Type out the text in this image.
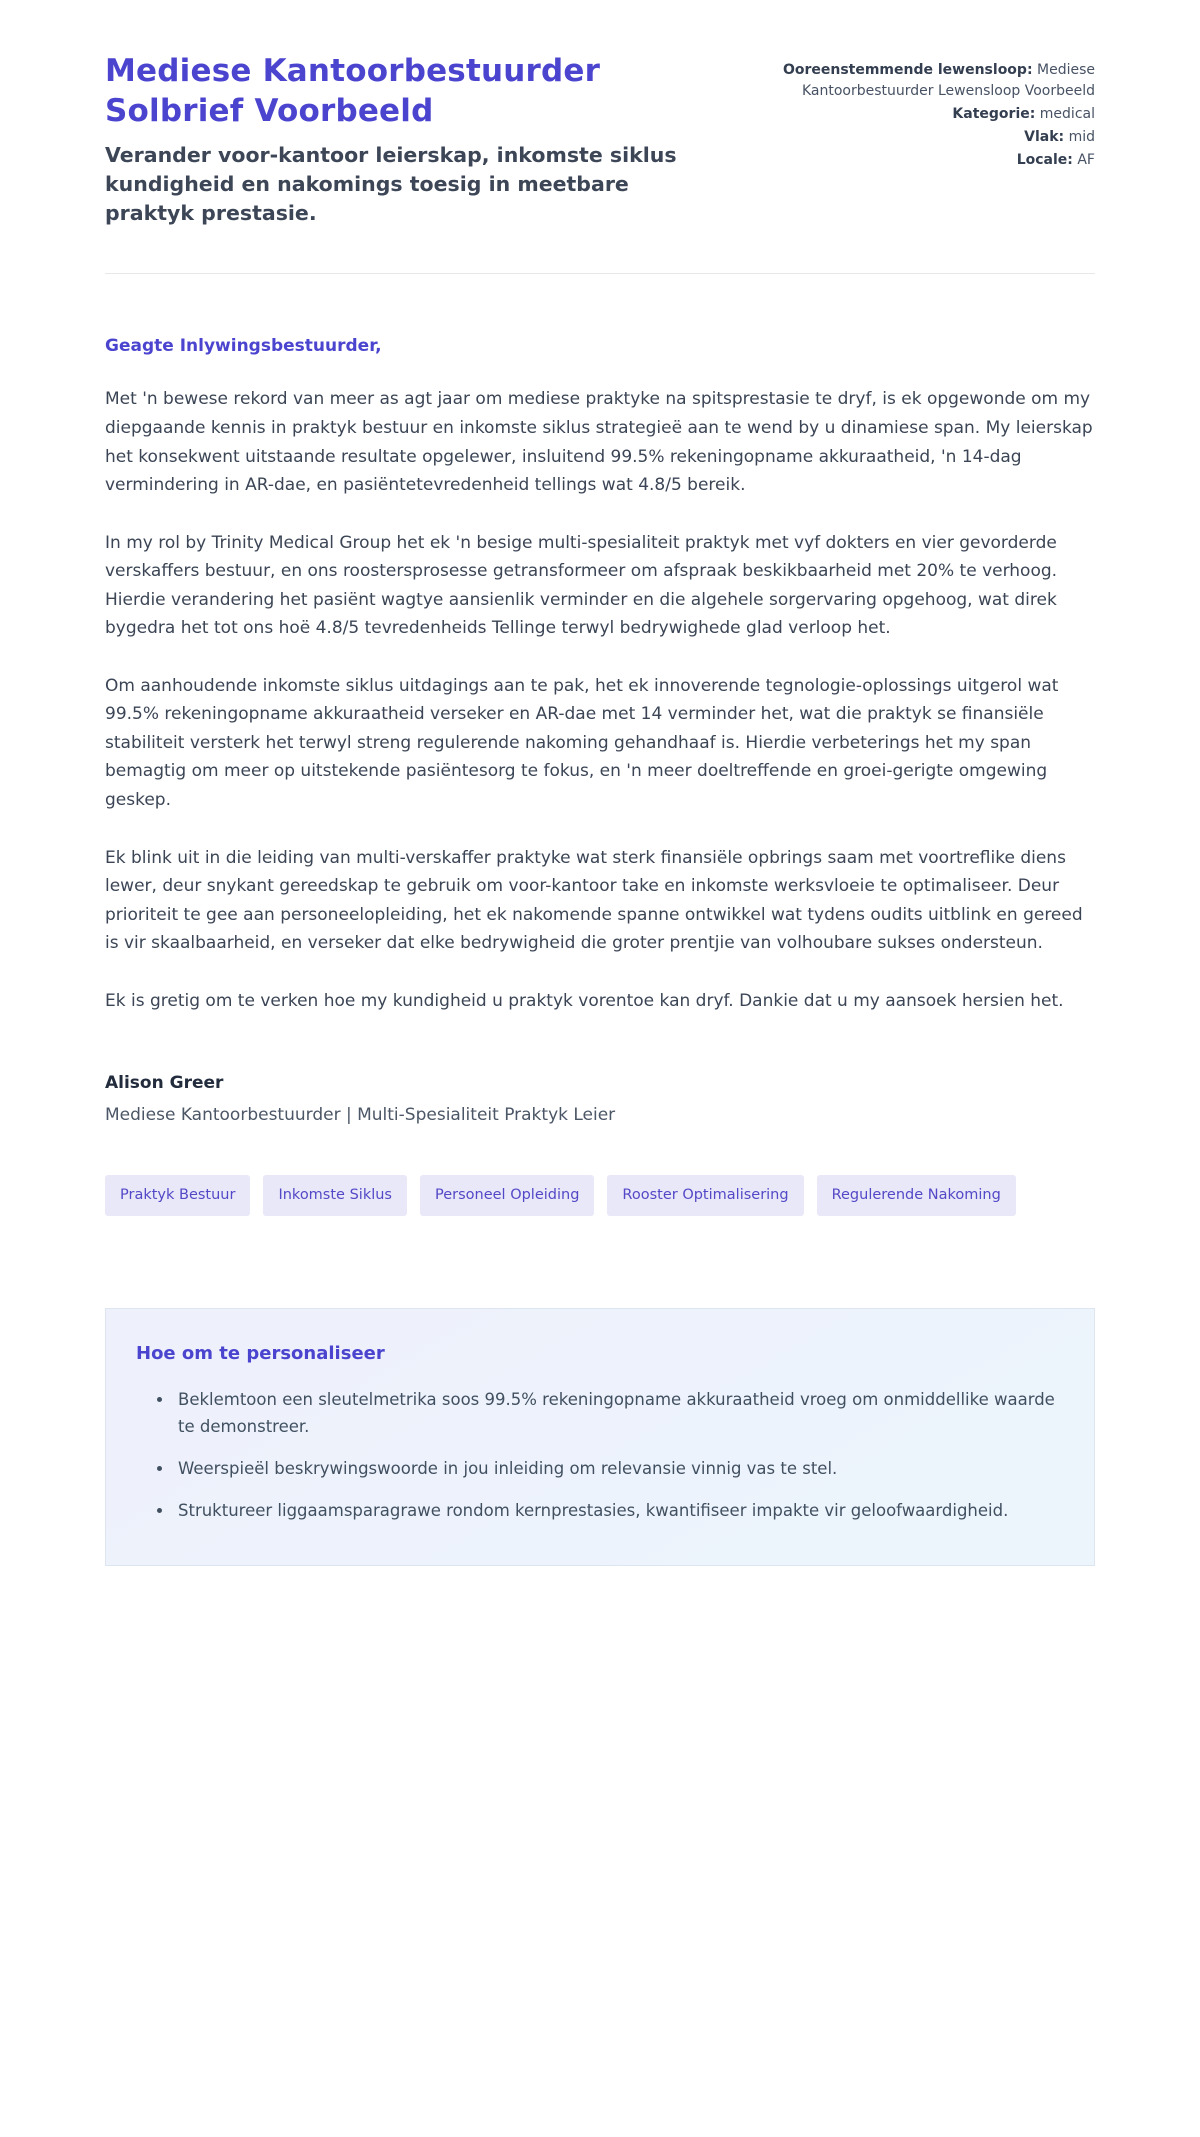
Mediese Kantoorbestuurder Solbrief Voorbeeld
Verander voor-kantoor leierskap, inkomste siklus kundigheid en nakomings toesig in meetbare praktyk prestasie.
Ooreenstemmende lewensloop: Mediese Kantoorbestuurder Lewensloop Voorbeeld
Kategorie: medical
Vlak: mid
Locale: AF

Geagte Inlywingsbestuurder,

Met 'n bewese rekord van meer as agt jaar om mediese praktyke na spitsprestasie te dryf, is ek opgewonde om my diepgaande kennis in praktyk bestuur en inkomste siklus strategieë aan te wend by u dinamiese span. My leierskap het konsekwent uitstaande resultate opgelewer, insluitend 99.5% rekeningopname akkuraatheid, 'n 14-dag vermindering in AR-dae, en pasiëntetevredenheid tellings wat 4.8/5 bereik.

In my rol by Trinity Medical Group het ek 'n besige multi-spesialiteit praktyk met vyf dokters en vier gevorderde verskaffers bestuur, en ons roostersprosesse getransformeer om afspraak beskikbaarheid met 20% te verhoog. Hierdie verandering het pasiënt wagtye aansienlik verminder en die algehele sorgervaring opgehoog, wat direk bygedra het tot ons hoë 4.8/5 tevredenheids Tellinge terwyl bedrywighede glad verloop het.

Om aanhoudende inkomste siklus uitdagings aan te pak, het ek innoverende tegnologie-oplossings uitgerol wat 99.5% rekeningopname akkuraatheid verseker en AR-dae met 14 verminder het, wat die praktyk se finansiële stabiliteit versterk het terwyl streng regulerende nakoming gehandhaaf is. Hierdie verbeterings het my span bemagtig om meer op uitstekende pasiëntesorg te fokus, en 'n meer doeltreffende en groei-gerigte omgewing geskep.

Ek blink uit in die leiding van multi-verskaffer praktyke wat sterk finansiële opbrings saam met voortreflike diens lewer, deur snykant gereedskap te gebruik om voor-kantoor take en inkomste werksvloeie te optimaliseer. Deur prioriteit te gee aan personeelopleiding, het ek nakomende spanne ontwikkel wat tydens oudits uitblink en gereed is vir skaalbaarheid, en verseker dat elke bedrywigheid die groter prentjie van volhoubare sukses ondersteun.

Ek is gretig om te verken hoe my kundigheid u praktyk vorentoe kan dryf. Dankie dat u my aansoek hersien het.

Alison Greer
Mediese Kantoorbestuurder | Multi-Spesialiteit Praktyk Leier
Praktyk Bestuur	Inkomste Siklus	Personeel Opleiding	Rooster Optimalisering	Regulerende Nakoming
Hoe om te personaliseer
• Beklemtoon een sleutelmetrika soos 99.5% rekeningopname akkuraatheid vroeg om onmiddellike waarde te demonstreer.
• Weerspieël beskrywingswoorde in jou inleiding om relevansie vinnig vas te stel.
• Struktureer liggaamsparagrawe rondom kernprestasies, kwantifiseer impakte vir geloofwaardigheid.
